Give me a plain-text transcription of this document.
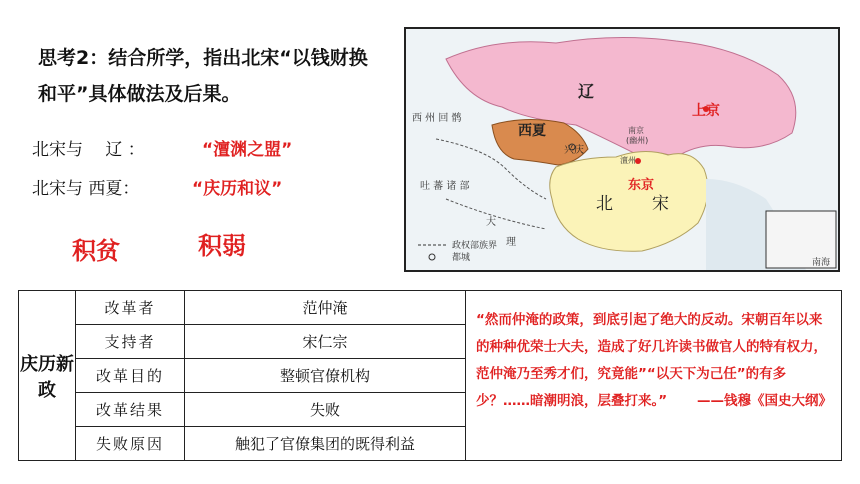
思考2：结合所学，指出北宋“以钱财换
和平”具体做法及后果。
北宋与　 辽 ：	“澶渊之盟”
北宋与 西夏：	“庆历和议”
积贫	积弱
辽
上京
西夏
兴庆
东京
北 宋
西 州 回 鹘
吐 蕃 诸 部
大
理
南京
(幽州)
澶州
政权部族界
都城	南海
庆历新政	改革者	范仲淹
	支持者	宋仁宗
	改革目的	整顿官僚机构
	改革结果	失败
	失败原因	触犯了官僚集团的既得利益

“然而仲淹的政策，到底引起了绝大的反动。宋朝百年以来的种种优荣士大夫，造成了好几许读书做官人的特有权力，范仲淹乃至秀才们，究竟能”“以天下为己任”的有多少？……暗潮明浪，层叠打来。” ——钱穆《国史大纲》
